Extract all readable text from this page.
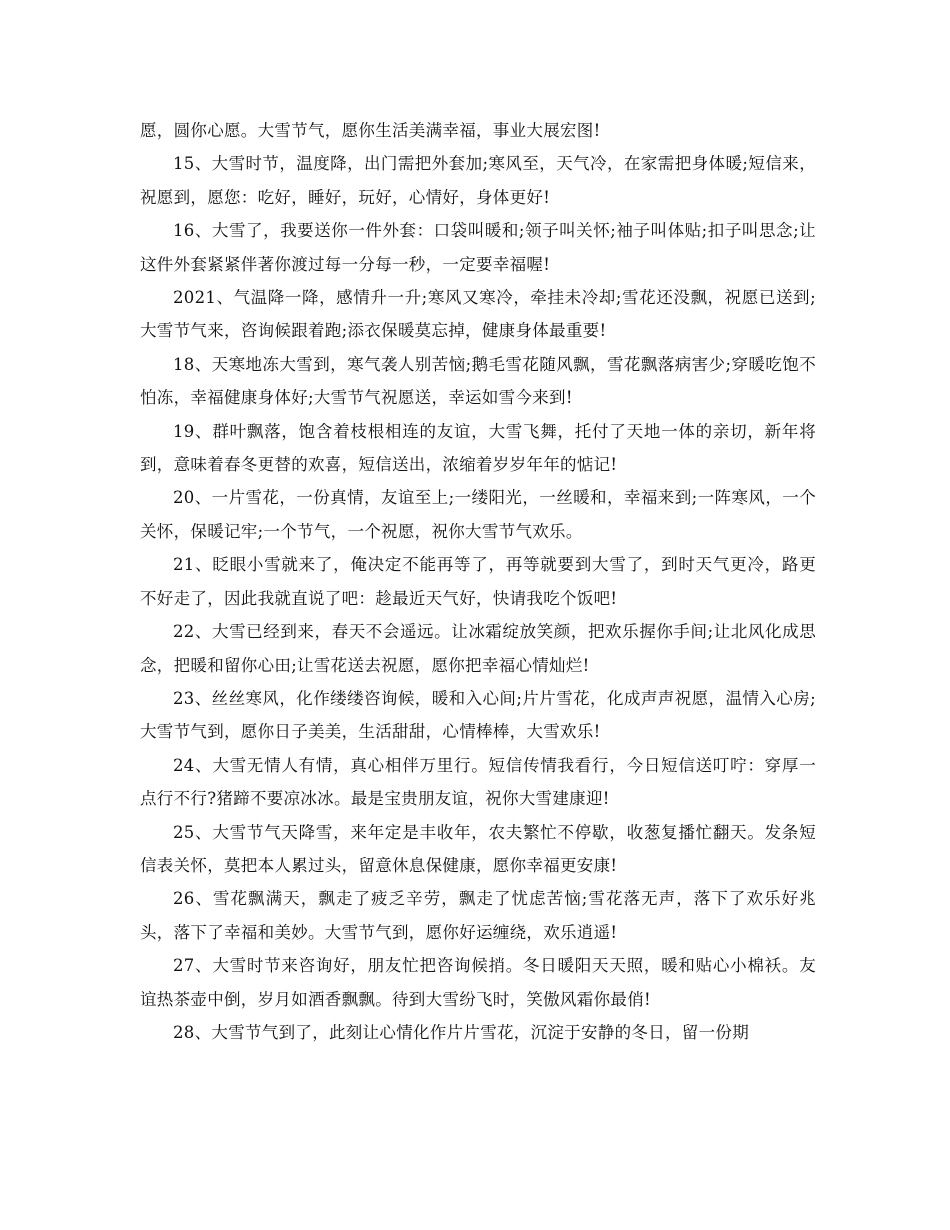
愿，圆你心愿。大雪节气，愿你生活美满幸福，事业大展宏图!

15、大雪时节，温度降，出门需把外套加;寒风至，天气冷，在家需把身体暖;短信来，祝愿到，愿您：吃好，睡好，玩好，心情好，身体更好!

16、大雪了，我要送你一件外套：口袋叫暖和;领子叫关怀;袖子叫体贴;扣子叫思念;让这件外套紧紧伴著你渡过每一分每一秒，一定要幸福喔!

2021、气温降一降，感情升一升;寒风又寒冷，牵挂未冷却;雪花还没飘，祝愿已送到;大雪节气来，咨询候跟着跑;添衣保暖莫忘掉，健康身体最重要!

18、天寒地冻大雪到，寒气袭人别苦恼;鹅毛雪花随风飘，雪花飘落病害少;穿暖吃饱不怕冻，幸福健康身体好;大雪节气祝愿送，幸运如雪今来到!

19、群叶飘落，饱含着枝根相连的友谊，大雪飞舞，托付了天地一体的亲切，新年将到，意味着春冬更替的欢喜，短信送出，浓缩着岁岁年年的惦记!

20、一片雪花，一份真情，友谊至上;一缕阳光，一丝暖和，幸福来到;一阵寒风，一个关怀，保暖记牢;一个节气，一个祝愿，祝你大雪节气欢乐。

21、眨眼小雪就来了，俺决定不能再等了，再等就要到大雪了，到时天气更冷，路更不好走了，因此我就直说了吧：趁最近天气好，快请我吃个饭吧!

22、大雪已经到来，春天不会遥远。让冰霜绽放笑颜，把欢乐握你手间;让北风化成思念，把暖和留你心田;让雪花送去祝愿，愿你把幸福心情灿烂!

23、丝丝寒风，化作缕缕咨询候，暖和入心间;片片雪花，化成声声祝愿，温情入心房;大雪节气到，愿你日子美美，生活甜甜，心情棒棒，大雪欢乐!

24、大雪无情人有情，真心相伴万里行。短信传情我看行，今日短信送叮咛：穿厚一点行不行?猪蹄不要凉冰冰。最是宝贵朋友谊，祝你大雪建康迎!

25、大雪节气天降雪，来年定是丰收年，农夫繁忙不停歇，收葱复播忙翻天。发条短信表关怀，莫把本人累过头，留意休息保健康，愿你幸福更安康!

26、雪花飘满天，飘走了疲乏辛劳，飘走了忧虑苦恼;雪花落无声，落下了欢乐好兆头，落下了幸福和美妙。大雪节气到，愿你好运缠绕，欢乐逍遥!

27、大雪时节来咨询好，朋友忙把咨询候捎。冬日暖阳天天照，暖和贴心小棉袄。友谊热茶壶中倒，岁月如酒香飘飘。待到大雪纷飞时，笑傲风霜你最俏!

28、大雪节气到了，此刻让心情化作片片雪花，沉淀于安静的冬日，留一份期
